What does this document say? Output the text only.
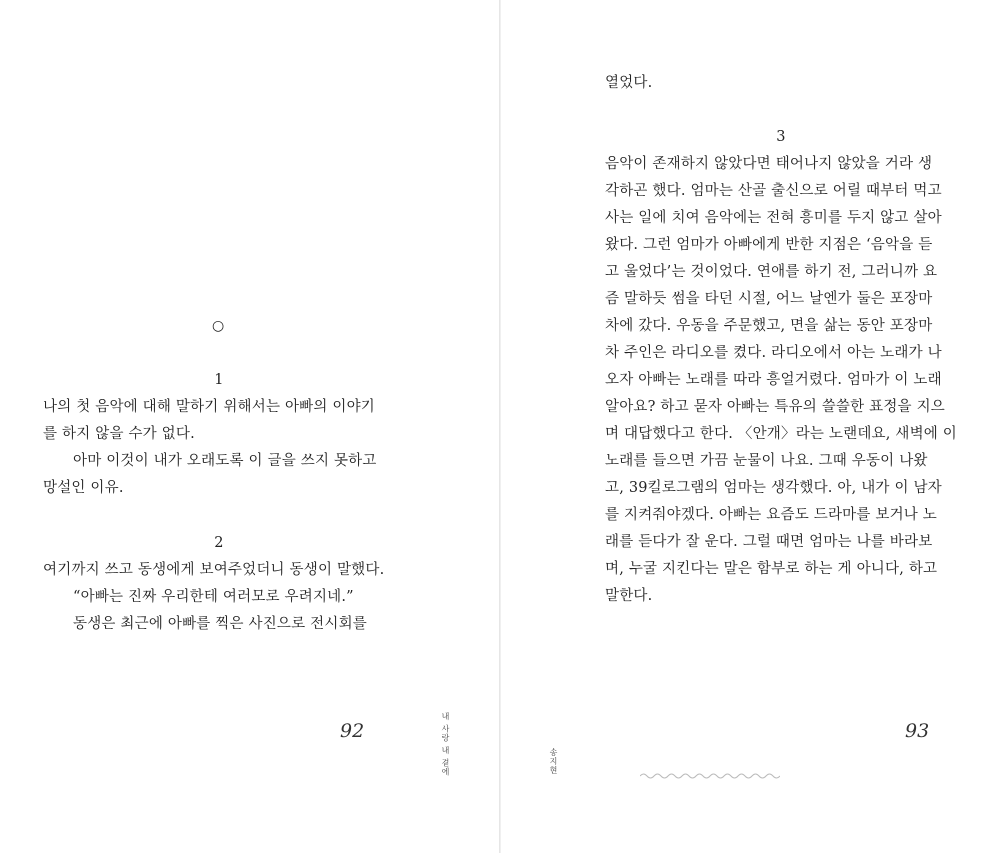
○
1
나의 첫 음악에 대해 말하기 위해서는 아빠의 이야기
를 하지 않을 수가 없다.
아마 이것이 내가 오래도록 이 글을 쓰지 못하고
망설인 이유.
2
여기까지 쓰고 동생에게 보여주었더니 동생이 말했다.
“아빠는 진짜 우리한테 여러모로 우려지네.”
동생은 최근에 아빠를 찍은 사진으로 전시회를
92	내 사랑 내 곁에
열었다.
3
음악이 존재하지 않았다면 태어나지 않았을 거라 생
각하곤 했다. 엄마는 산골 출신으로 어릴 때부터 먹고
사는 일에 치여 음악에는 전혀 흥미를 두지 않고 살아
왔다. 그런 엄마가 아빠에게 반한 지점은 ‘음악을 듣
고 울었다’는 것이었다. 연애를 하기 전, 그러니까 요
즘 말하듯 썸을 타던 시절, 어느 날엔가 둘은 포장마
차에 갔다. 우동을 주문했고, 면을 삶는 동안 포장마
차 주인은 라디오를 켰다. 라디오에서 아는 노래가 나
오자 아빠는 노래를 따라 흥얼거렸다. 엄마가 이 노래
알아요? 하고 묻자 아빠는 특유의 쓸쓸한 표정을 지으
며 대답했다고 한다. 〈안개〉라는 노랜데요, 새벽에 이
노래를 들으면 가끔 눈물이 나요. 그때 우동이 나왔
고, 39킬로그램의 엄마는 생각했다. 아, 내가 이 남자
를 지켜줘야겠다. 아빠는 요즘도 드라마를 보거나 노
래를 듣다가 잘 운다. 그럴 때면 엄마는 나를 바라보
며, 누굴 지킨다는 말은 함부로 하는 게 아니다, 하고
말한다.
93
송지현
